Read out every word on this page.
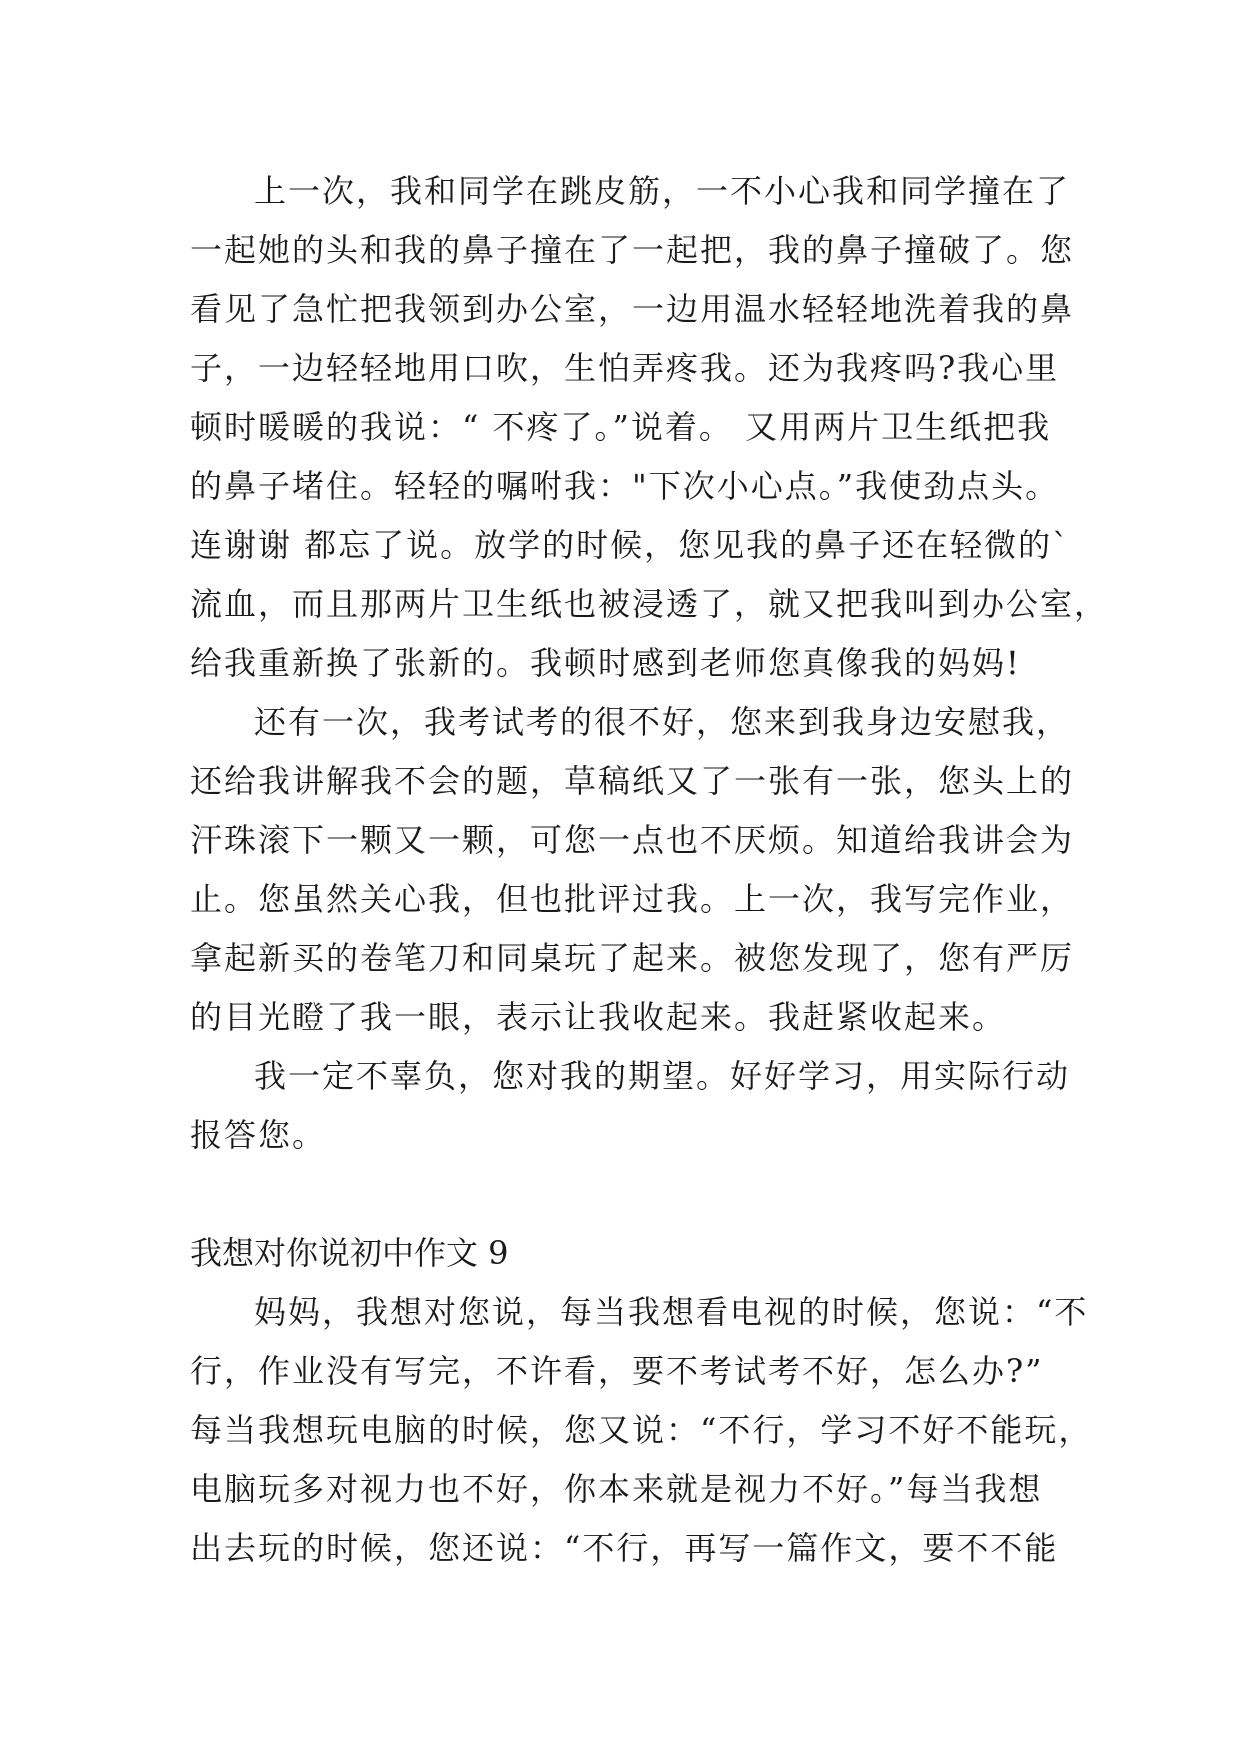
上一次，我和同学在跳皮筋，一不小心我和同学撞在了
一起她的头和我的鼻子撞在了一起把，我的鼻子撞破了。您
看见了急忙把我领到办公室，一边用温水轻轻地洗着我的鼻
子，一边轻轻地用口吹，生怕弄疼我。还为我疼吗?我心里
顿时暖暖的我说：“ 不疼了。”说着。 又用两片卫生纸把我
的鼻子堵住。轻轻的嘱咐我："下次小心点。”我使劲点头。
连谢谢 都忘了说。放学的时候，您见我的鼻子还在轻微的`
流血，而且那两片卫生纸也被浸透了，就又把我叫到办公室，
给我重新换了张新的。我顿时感到老师您真像我的妈妈!
还有一次，我考试考的很不好，您来到我身边安慰我，
还给我讲解我不会的题，草稿纸又了一张有一张，您头上的
汗珠滚下一颗又一颗，可您一点也不厌烦。知道给我讲会为
止。您虽然关心我，但也批评过我。上一次，我写完作业，
拿起新买的卷笔刀和同桌玩了起来。被您发现了，您有严厉
的目光瞪了我一眼，表示让我收起来。我赶紧收起来。
我一定不辜负，您对我的期望。好好学习，用实际行动
报答您。
我想对你说初中作文 9
妈妈，我想对您说，每当我想看电视的时候，您说：“不
行，作业没有写完，不许看，要不考试考不好，怎么办?”
每当我想玩电脑的时候，您又说：“不行，学习不好不能玩，
电脑玩多对视力也不好，你本来就是视力不好。”每当我想
出去玩的时候，您还说：“不行，再写一篇作文，要不不能
